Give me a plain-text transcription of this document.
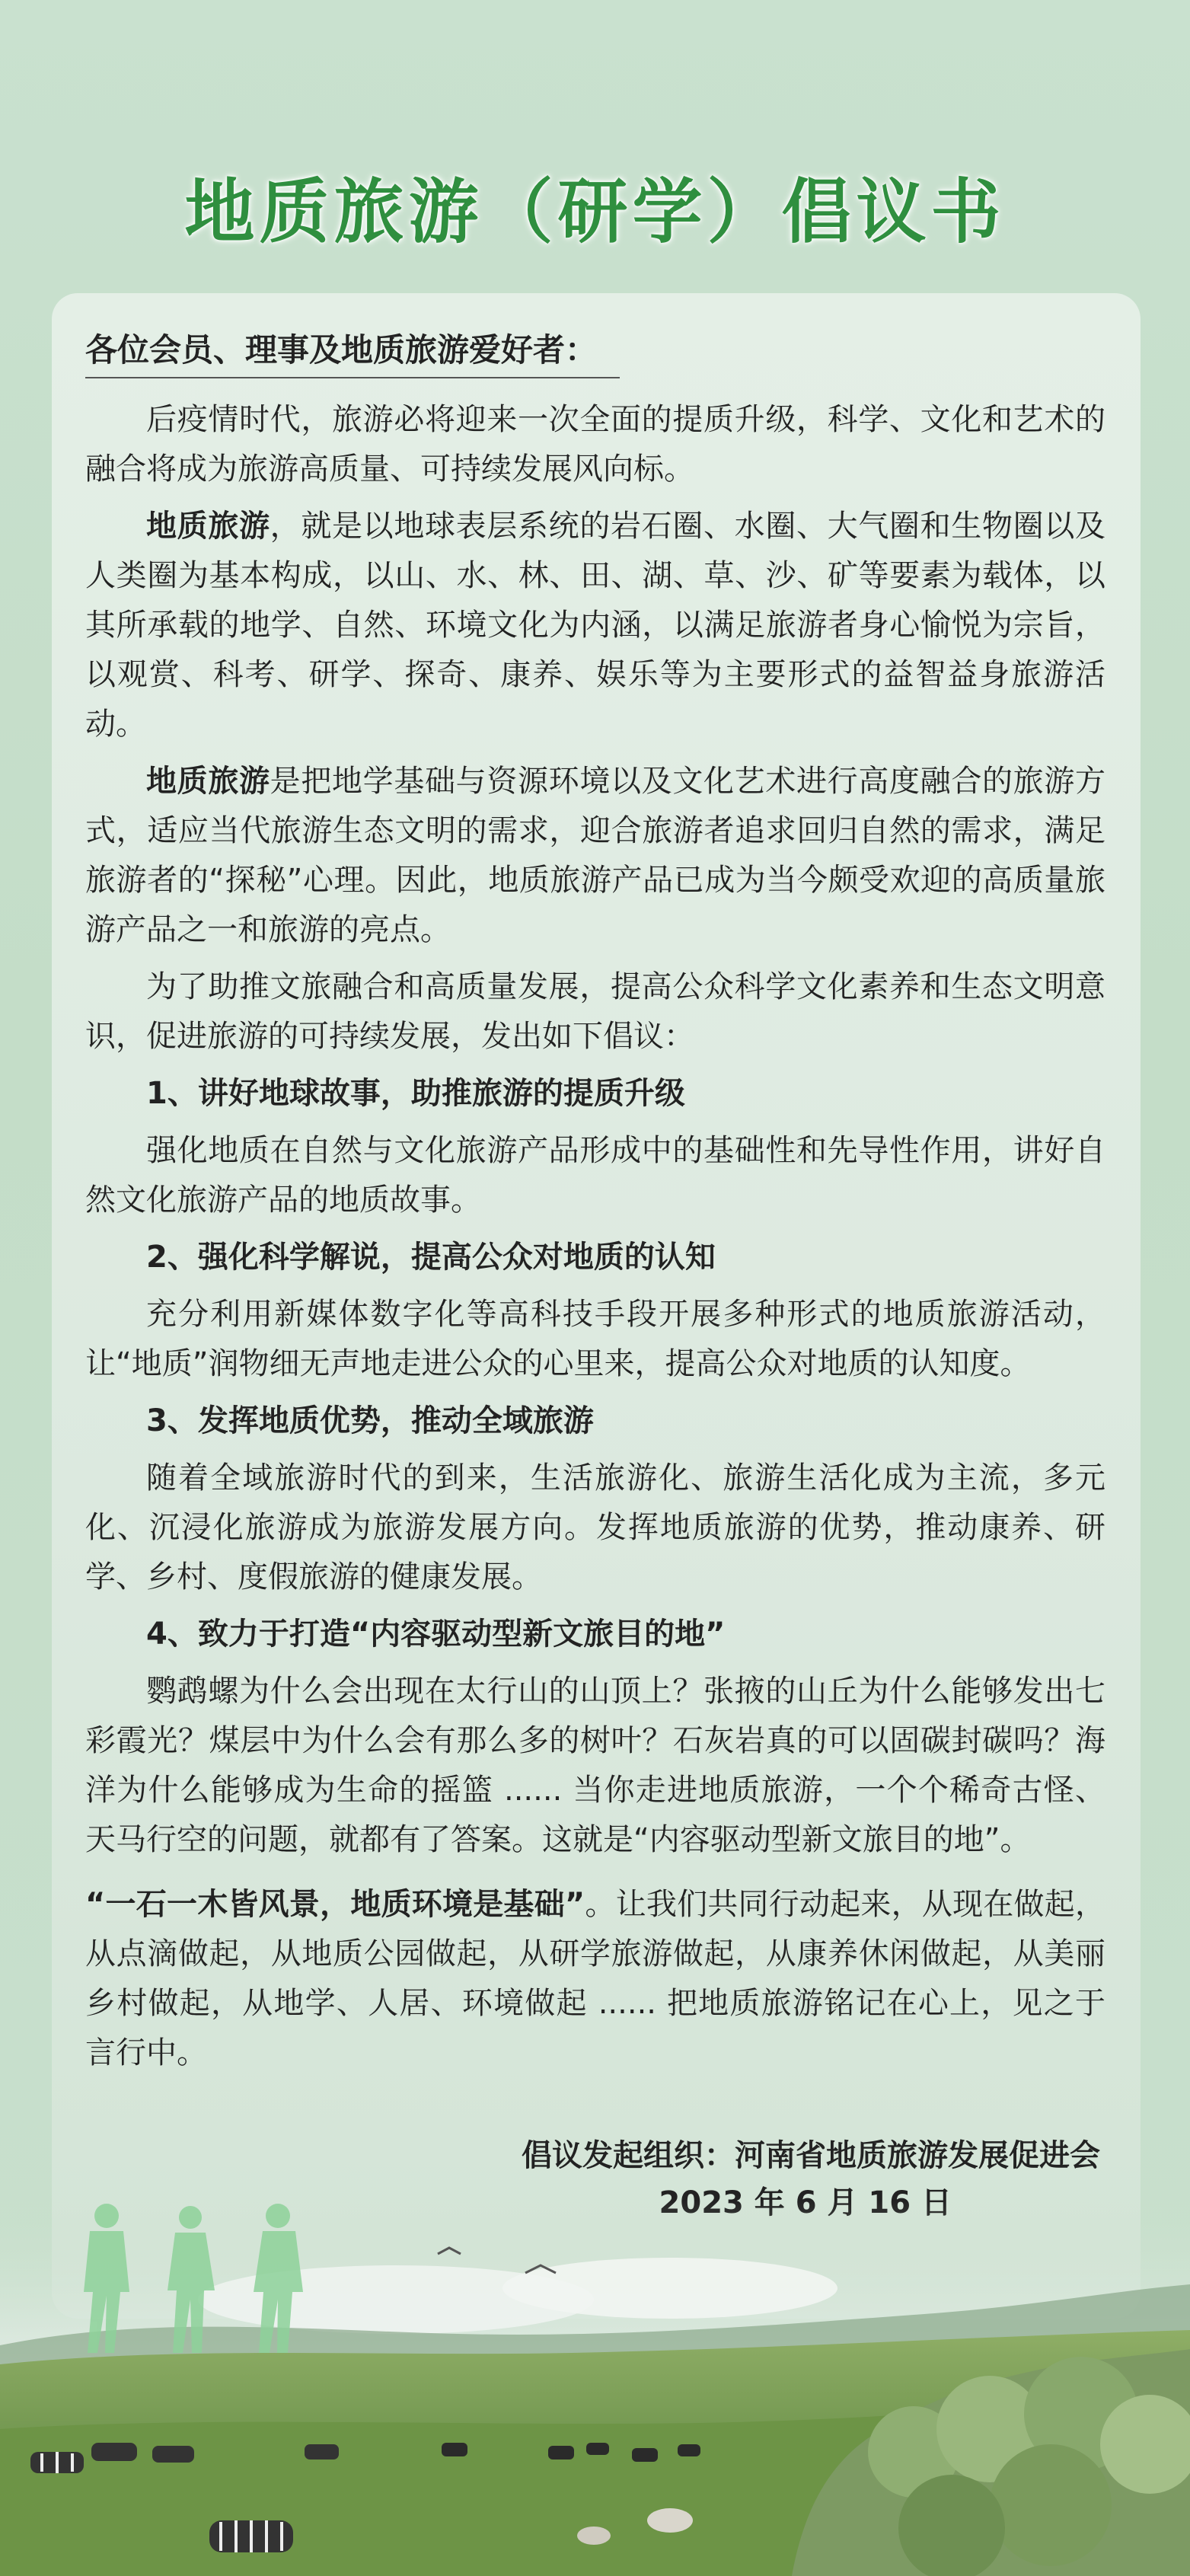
地质旅游（研学）倡议书
各位会员、理事及地质旅游爱好者：

后疫情时代，旅游必将迎来一次全面的提质升级，科学、文化和艺术的融合将成为旅游高质量、可持续发展风向标。

地质旅游，就是以地球表层系统的岩石圈、水圈、大气圈和生物圈以及人类圈为基本构成，以山、水、林、田、湖、草、沙、矿等要素为载体，以其所承载的地学、自然、环境文化为内涵，以满足旅游者身心愉悦为宗旨，以观赏、科考、研学、探奇、康养、娱乐等为主要形式的益智益身旅游活动。

地质旅游是把地学基础与资源环境以及文化艺术进行高度融合的旅游方式，适应当代旅游生态文明的需求，迎合旅游者追求回归自然的需求，满足旅游者的“探秘”心理。因此，地质旅游产品已成为当今颇受欢迎的高质量旅游产品之一和旅游的亮点。

为了助推文旅融合和高质量发展，提高公众科学文化素养和生态文明意识，促进旅游的可持续发展，发出如下倡议：

1、讲好地球故事，助推旅游的提质升级

强化地质在自然与文化旅游产品形成中的基础性和先导性作用，讲好自然文化旅游产品的地质故事。

2、强化科学解说，提高公众对地质的认知

充分利用新媒体数字化等高科技手段开展多种形式的地质旅游活动，让“地质”润物细无声地走进公众的心里来，提高公众对地质的认知度。

3、发挥地质优势，推动全域旅游

随着全域旅游时代的到来，生活旅游化、旅游生活化成为主流，多元化、沉浸化旅游成为旅游发展方向。发挥地质旅游的优势，推动康养、研学、乡村、度假旅游的健康发展。

4、致力于打造“内容驱动型新文旅目的地”

鹦鹉螺为什么会出现在太行山的山顶上？张掖的山丘为什么能够发出七彩霞光？煤层中为什么会有那么多的树叶？石灰岩真的可以固碳封碳吗？海洋为什么能够成为生命的摇篮 ...... 当你走进地质旅游，一个个稀奇古怪、天马行空的问题，就都有了答案。这就是“内容驱动型新文旅目的地”。

“一石一木皆风景，地质环境是基础”。让我们共同行动起来，从现在做起，从点滴做起，从地质公园做起，从研学旅游做起，从康养休闲做起，从美丽乡村做起，从地学、人居、环境做起 ...... 把地质旅游铭记在心上，见之于言行中。

倡议发起组织：河南省地质旅游发展促进会
